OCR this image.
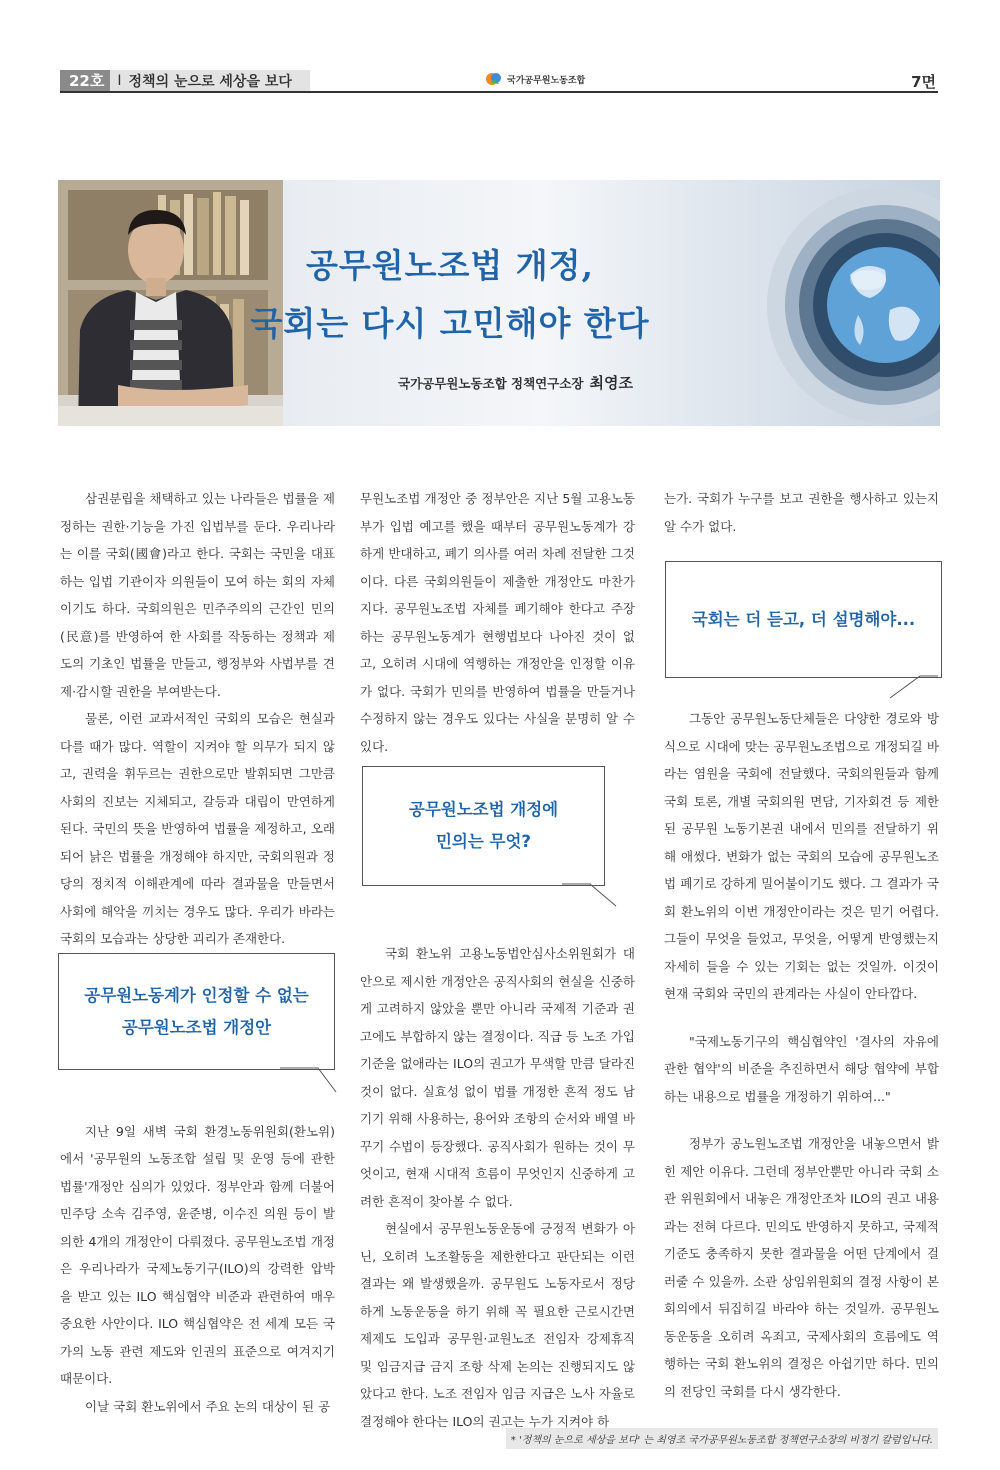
22호 I 정책의 눈으로 세상을 보다	국가공무원노동조합	7면
공무원노조법 개정,
국회는 다시 고민해야 한다
국가공무원노동조합 정책연구소장 최영조

삼권분립을 채택하고 있는 나라들은 법률을 제정하는 권한·기능을 가진 입법부를 둔다. 우리나라는 이를 국회(國會)라고 한다. 국회는 국민을 대표하는 입법 기관이자 의원들이 모여 하는 회의 자체이기도 하다. 국회의원은 민주주의의 근간인 민의(民意)를 반영하여 한 사회를 작동하는 정책과 제도의 기초인 법률을 만들고, 행정부와 사법부를 견제·감시할 권한을 부여받는다.

물론, 이런 교과서적인 국회의 모습은 현실과 다를 때가 많다. 역할이 지켜야 할 의무가 되지 않고, 권력을 휘두르는 권한으로만 발휘되면 그만큼 사회의 진보는 지체되고, 갈등과 대립이 만연하게 된다. 국민의 뜻을 반영하여 법률을 제정하고, 오래되어 낡은 법률을 개정해야 하지만, 국회의원과 정당의 정치적 이해관계에 따라 결과물을 만들면서 사회에 해악을 끼치는 경우도 많다. 우리가 바라는 국회의 모습과는 상당한 괴리가 존재한다.

지난 9일 새벽 국회 환경노동위원회(환노위)에서 '공무원의 노동조합 설립 및 운영 등에 관한 법률'개정안 심의가 있었다. 정부안과 함께 더불어민주당 소속 김주영, 윤준병, 이수진 의원 등이 발의한 4개의 개정안이 다뤄졌다. 공무원노조법 개정은 우리나라가 국제노동기구(ILO)의 강력한 압박을 받고 있는 ILO 핵심협약 비준과 관련하여 매우 중요한 사안이다. ILO 핵심협약은 전 세계 모든 국가의 노동 관련 제도와 인권의 표준으로 여겨지기 때문이다.

이날 국회 환노위에서 주요 논의 대상이 된 공

공무원노동계가 인정할 수 없는
공무원노조법 개정안

무원노조법 개정안 중 정부안은 지난 5월 고용노동부가 입법 예고를 했을 때부터 공무원노동계가 강하게 반대하고, 폐기 의사를 여러 차례 전달한 그것이다. 다른 국회의원들이 제출한 개정안도 마찬가지다. 공무원노조법 자체를 폐기해야 한다고 주장하는 공무원노동계가 현행법보다 나아진 것이 없고, 오히려 시대에 역행하는 개정안을 인정할 이유가 없다. 국회가 민의를 반영하여 법률을 만들거나 수정하지 않는 경우도 있다는 사실을 분명히 알 수 있다.

국회 환노위 고용노동법안심사소위원회가 대안으로 제시한 개정안은 공직사회의 현실을 신중하게 고려하지 않았을 뿐만 아니라 국제적 기준과 권고에도 부합하지 않는 결정이다. 직급 등 노조 가입 기준을 없애라는 ILO의 권고가 무색할 만큼 달라진 것이 없다. 실효성 없이 법률 개정한 흔적 정도 남기기 위해 사용하는, 용어와 조항의 순서와 배열 바꾸기 수법이 등장했다. 공직사회가 원하는 것이 무엇이고, 현재 시대적 흐름이 무엇인지 신중하게 고려한 흔적이 찾아볼 수 없다.

현실에서 공무원노동운동에 긍정적 변화가 아닌, 오히려 노조활동을 제한한다고 판단되는 이런 결과는 왜 발생했을까. 공무원도 노동자로서 정당하게 노동운동을 하기 위해 꼭 필요한 근로시간면제제도 도입과 공무원·교원노조 전임자 강제휴직 및 임금지급 금지 조항 삭제 논의는 진행되지도 않았다고 한다. 노조 전임자 임금 지급은 노사 자율로 결정해야 한다는 ILO의 권고는 누가 지켜야 하

공무원노조법 개정에
민의는 무엇?

는가. 국회가 누구를 보고 권한을 행사하고 있는지 알 수가 없다.

그동안 공무원노동단체들은 다양한 경로와 방식으로 시대에 맞는 공무원노조법으로 개정되길 바라는 염원을 국회에 전달했다. 국회의원들과 함께 국회 토론, 개별 국회의원 면담, 기자회견 등 제한된 공무원 노동기본권 내에서 민의를 전달하기 위해 애썼다. 변화가 없는 국회의 모습에 공무원노조법 폐기로 강하게 밀어붙이기도 했다. 그 결과가 국회 환노위의 이번 개정안이라는 것은 믿기 어렵다. 그들이 무엇을 들었고, 무엇을, 어떻게 반영했는지 자세히 들을 수 있는 기회는 없는 것일까. 이것이 현재 국회와 국민의 관계라는 사실이 안타깝다.

"국제노동기구의 핵심협약인 '결사의 자유에 관한 협약'의 비준을 추진하면서 해당 협약에 부합하는 내용으로 법률을 개정하기 위하여..."

정부가 공노원노조법 개정안을 내놓으면서 밝힌 제안 이유다. 그런데 정부안뿐만 아니라 국회 소관 위원회에서 내놓은 개정안조차 ILO의 권고 내용과는 전혀 다르다. 민의도 반영하지 못하고, 국제적 기준도 충족하지 못한 결과물을 어떤 단계에서 걸러줄 수 있을까. 소관 상임위원회의 결정 사항이 본회의에서 뒤집히길 바라야 하는 것일까. 공무원노동운동을 오히려 옥죄고, 국제사회의 흐름에도 역행하는 국회 환노위의 결정은 아쉽기만 하다. 민의의 전당인 국회를 다시 생각한다.

국회는 더 듣고, 더 설명해야...
* '정책의 눈으로 세상을 보다' 는 최영조 국가공무원노동조합 정책연구소장의 비정기 칼럼입니다.
